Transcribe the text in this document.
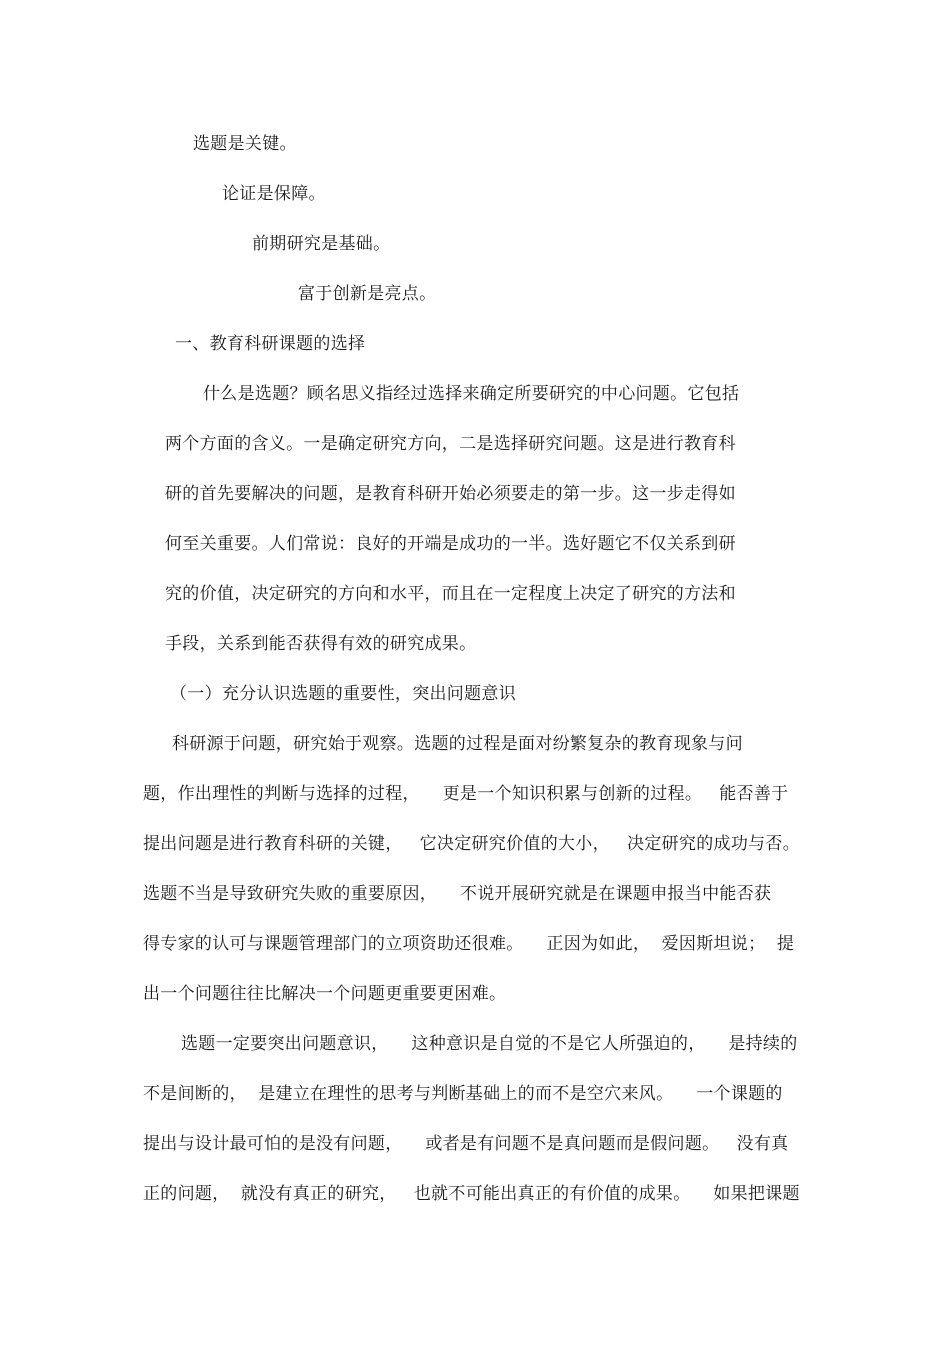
选题是关键。
论证是保障。
前期研究是基础。
富于创新是亮点。
一、教育科研课题的选择
什么是选题？顾名思义指经过选择来确定所要研究的中心问题。它包括
两个方面的含义。一是确定研究方向，二是选择研究问题。这是进行教育科
研的首先要解决的问题，是教育科研开始必须要走的第一步。这一步走得如
何至关重要。人们常说：良好的开端是成功的一半。选好题它不仅关系到研
究的价值，决定研究的方向和水平，而且在一定程度上决定了研究的方法和
手段，关系到能否获得有效的研究成果。
（一）充分认识选题的重要性，突出问题意识
科研源于问题，研究始于观察。选题的过程是面对纷繁复杂的教育现象与问
题，作出理性的判断与选择的过程，    更是一个知识积累与创新的过程。   能否善于
提出问题是进行教育科研的关键，   它决定研究价值的大小，   决定研究的成功与否。
选题不当是导致研究失败的重要原因，    不说开展研究就是在课题申报当中能否获
得专家的认可与课题管理部门的立项资助还很难。    正因为如此，  爱因斯坦说；  提
出一个问题往往比解决一个问题更重要更困难。
选题一定要突出问题意识，    这种意识是自觉的不是它人所强迫的，    是持续的
不是间断的，  是建立在理性的思考与判断基础上的而不是空穴来风。    一个课题的
提出与设计最可怕的是没有问题，    或者是有问题不是真问题而是假问题。   没有真
正的问题，  就没有真正的研究，   也就不可能出真正的有价值的成果。    如果把课题
